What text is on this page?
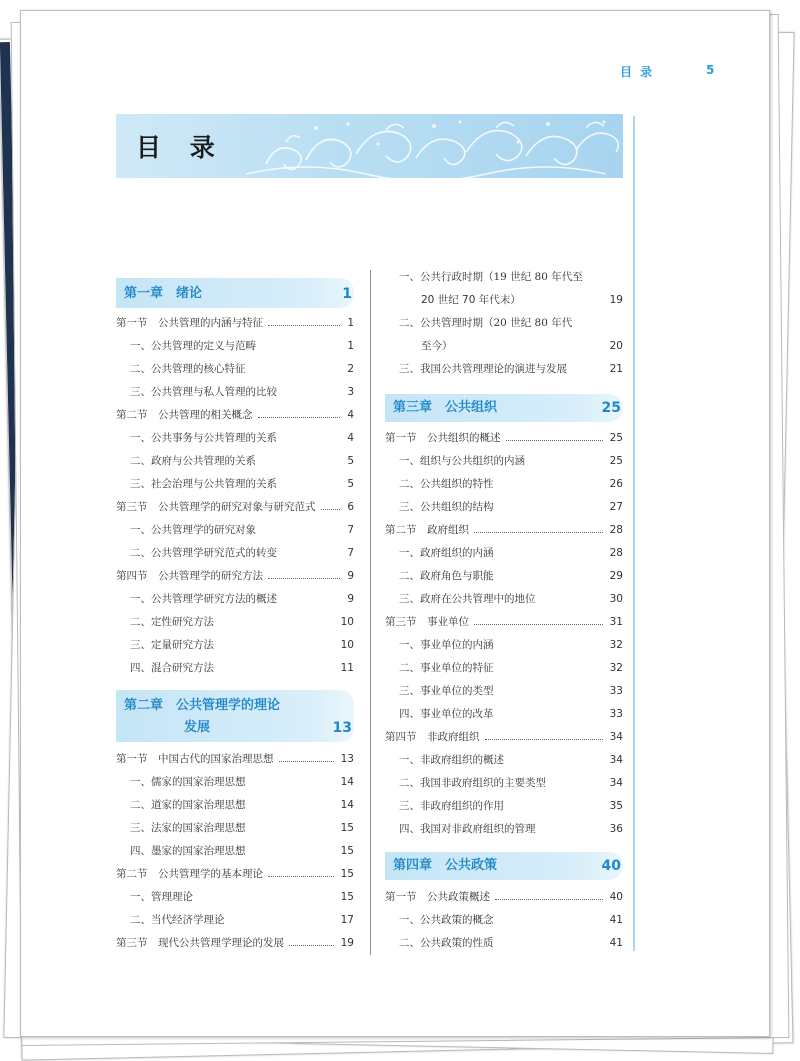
目 录	5
目 录
第一章　绪论	1
第一节　公共管理的内涵与特征	1
一、公共管理的定义与范畴	1
二、公共管理的核心特征	2
三、公共管理与私人管理的比较	3
第二节　公共管理的相关概念	4
一、公共事务与公共管理的关系	4
二、政府与公共管理的关系	5
三、社会治理与公共管理的关系	5
第三节　公共管理学的研究对象与研究范式	6
一、公共管理学的研究对象	7
二、公共管理学研究范式的转变	7
第四节　公共管理学的研究方法	9
一、公共管理学研究方法的概述	9
二、定性研究方法	10
三、定量研究方法	10
四、混合研究方法	11
第二章　公共管理学的理论
发展	13
第一节　中国古代的国家治理思想	13
一、儒家的国家治理思想	14
二、道家的国家治理思想	14
三、法家的国家治理思想	15
四、墨家的国家治理思想	15
第二节　公共管理学的基本理论	15
一、管理理论	15
二、当代经济学理论	17
第三节　现代公共管理学理论的发展	19
一、公共行政时期（19 世纪 80 年代至
20 世纪 70 年代末）	19
二、公共管理时期（20 世纪 80 年代
至今）	20
三、我国公共管理理论的演进与发展	21
第三章　公共组织	25
第一节　公共组织的概述	25
一、组织与公共组织的内涵	25
二、公共组织的特性	26
三、公共组织的结构	27
第二节　政府组织	28
一、政府组织的内涵	28
二、政府角色与职能	29
三、政府在公共管理中的地位	30
第三节　事业单位	31
一、事业单位的内涵	32
二、事业单位的特征	32
三、事业单位的类型	33
四、事业单位的改革	33
第四节　非政府组织	34
一、非政府组织的概述	34
二、我国非政府组织的主要类型	34
三、非政府组织的作用	35
四、我国对非政府组织的管理	36
第四章　公共政策	40
第一节　公共政策概述	40
一、公共政策的概念	41
二、公共政策的性质	41
